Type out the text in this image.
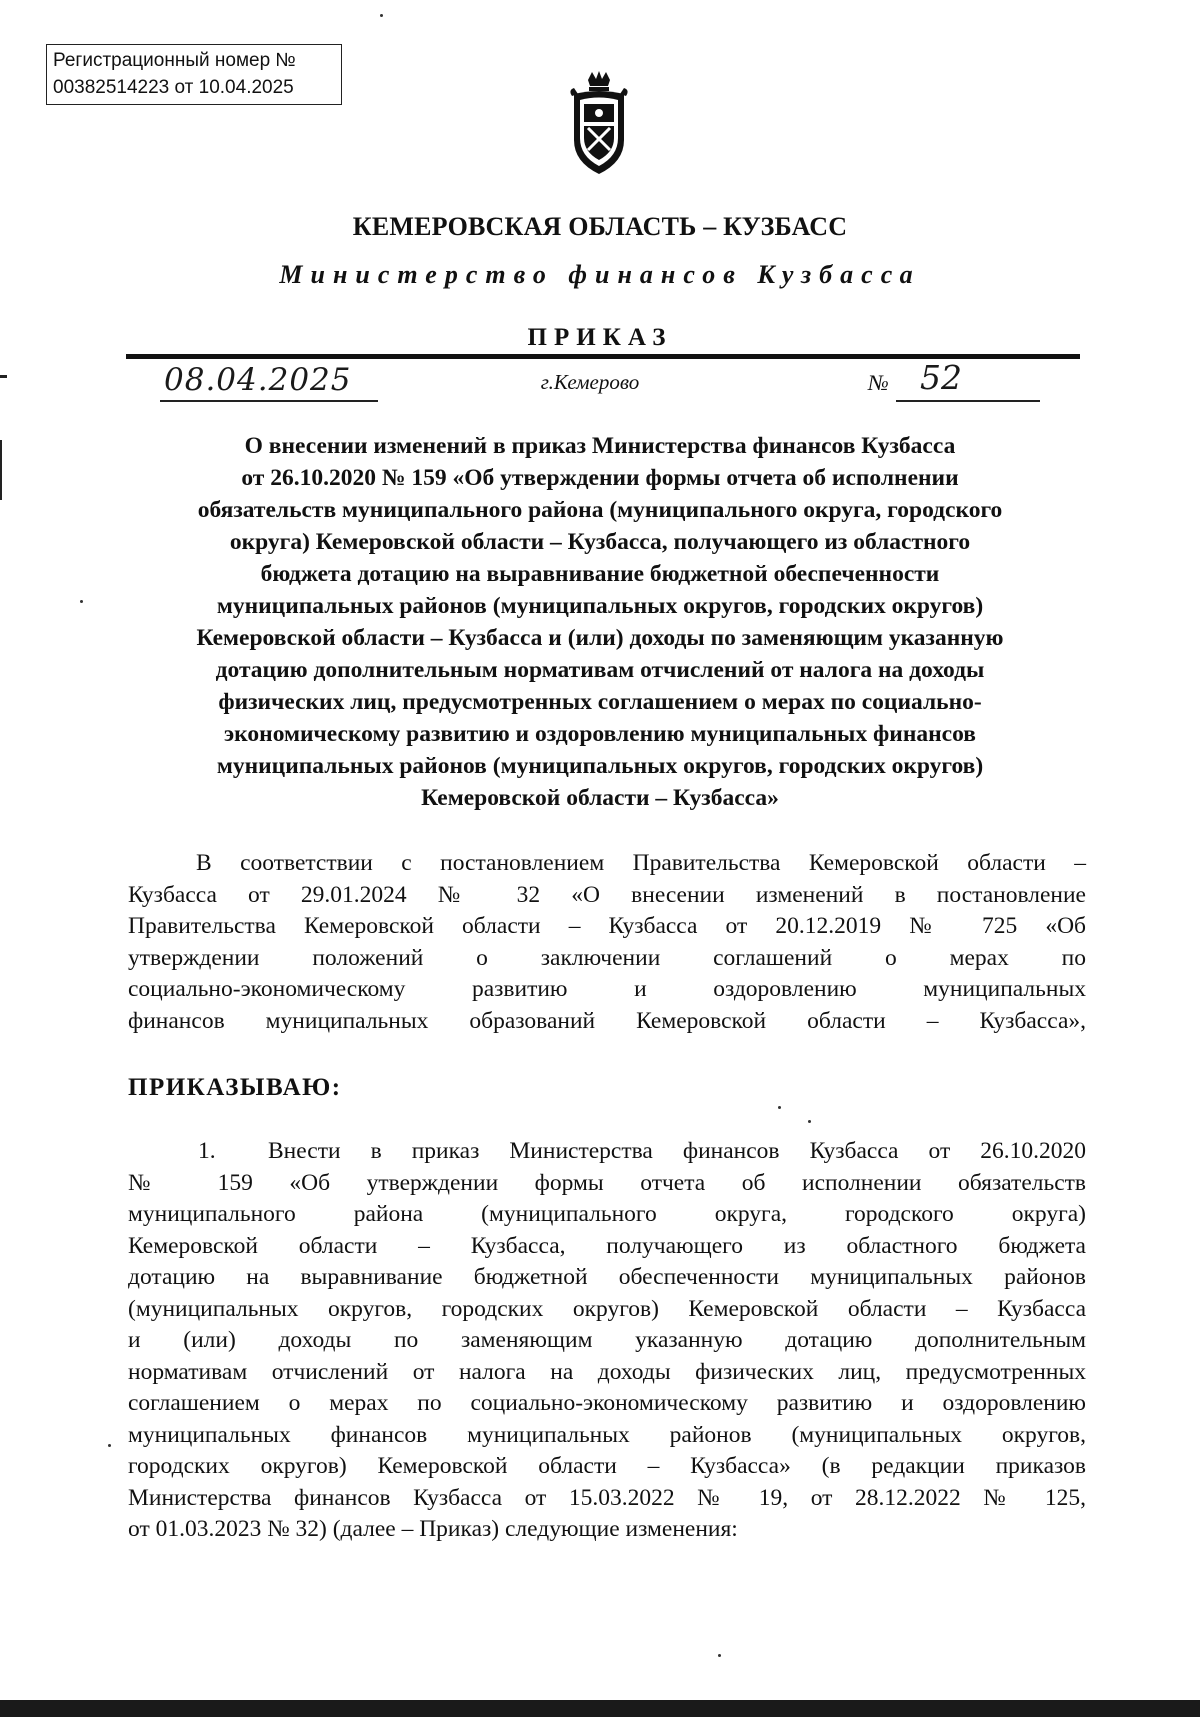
Регистрационный номер №
00382514223 от 10.04.2025
КЕМЕРОВСКАЯ ОБЛАСТЬ – КУЗБАСС
Министерство финансов Кузбасса
ПРИКАЗ
08.04.2025	г.Кемерово	№ 52
О внесении изменений в приказ Министерства финансов Кузбасса
от 26.10.2020 № 159 «Об утверждении формы отчета об исполнении
обязательств муниципального района (муниципального округа, городского
округа) Кемеровской области – Кузбасса, получающего из областного
бюджета дотацию на выравнивание бюджетной обеспеченности
муниципальных районов (муниципальных округов, городских округов)
Кемеровской области – Кузбасса и (или) доходы по заменяющим указанную
дотацию дополнительным нормативам отчислений от налога на доходы
физических лиц, предусмотренных соглашением о мерах по социально-
экономическому развитию и оздоровлению муниципальных финансов
муниципальных районов (муниципальных округов, городских округов)
Кемеровской области – Кузбасса»
В соответствии с постановлением Правительства Кемеровской области –
Кузбасса от 29.01.2024 № 32 «О внесении изменений в постановление
Правительства Кемеровской области – Кузбасса от 20.12.2019 № 725 «Об
утверждении положений о заключении соглашений о мерах по
социально-экономическому развитию и оздоровлению муниципальных
финансов муниципальных образований Кемеровской области – Кузбасса»,
ПРИКАЗЫВАЮ:
1. Внести в приказ Министерства финансов Кузбасса от 26.10.2020
№ 159 «Об утверждении формы отчета об исполнении обязательств
муниципального района (муниципального округа, городского округа)
Кемеровской области – Кузбасса, получающего из областного бюджета
дотацию на выравнивание бюджетной обеспеченности муниципальных районов
(муниципальных округов, городских округов) Кемеровской области – Кузбасса
и (или) доходы по заменяющим указанную дотацию дополнительным
нормативам отчислений от налога на доходы физических лиц, предусмотренных
соглашением о мерах по социально-экономическому развитию и оздоровлению
муниципальных финансов муниципальных районов (муниципальных округов,
городских округов) Кемеровской области – Кузбасса» (в редакции приказов
Министерства финансов Кузбасса от 15.03.2022 № 19, от 28.12.2022 № 125,
от 01.03.2023 № 32) (далее – Приказ) следующие изменения:
